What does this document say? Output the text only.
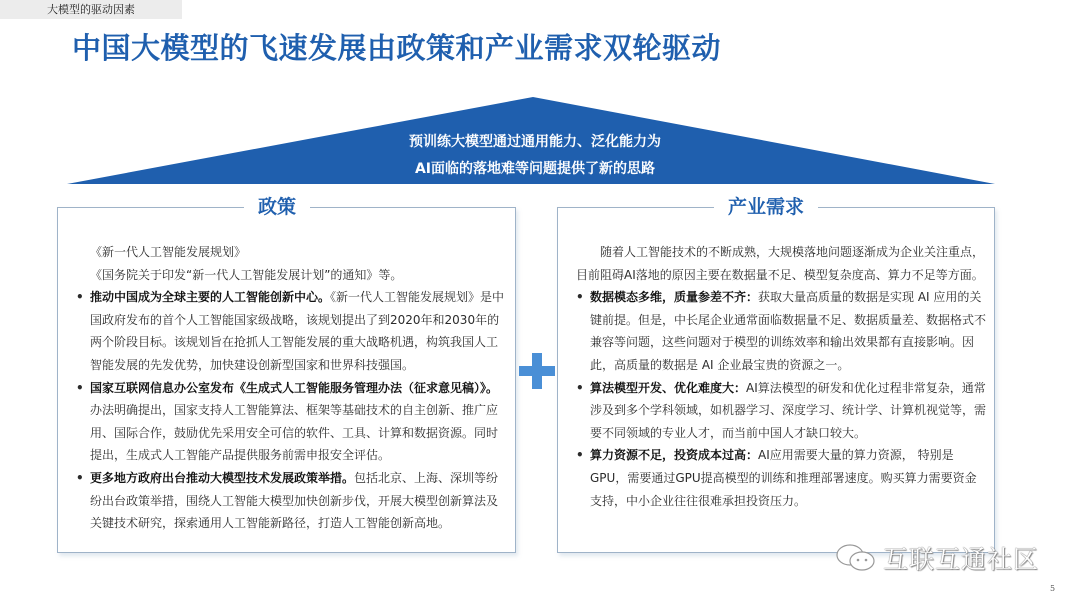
大模型的驱动因素
中国大模型的飞速发展由政策和产业需求双轮驱动
预训练大模型通过通用能力、泛化能力为
AI面临的落地难等问题提供了新的思路
政策
《新一代人工智能发展规划》
《国务院关于印发“新一代人工智能发展计划”的通知》等。
• 推动中国成为全球主要的人工智能创新中心。《新一代人工智能发展规划》是中国政府发布的首个人工智能国家级战略，该规划提出了到2020年和2030年的两个阶段目标。该规划旨在抢抓人工智能发展的重大战略机遇，构筑我国人工智能发展的先发优势，加快建设创新型国家和世界科技强国。
• 国家互联网信息办公室发布《生成式人工智能服务管理办法（征求意见稿）》。办法明确提出，国家支持人工智能算法、框架等基础技术的自主创新、推广应用、国际合作，鼓励优先采用安全可信的软件、工具、计算和数据资源。同时提出，生成式人工智能产品提供服务前需申报安全评估。
• 更多地方政府出台推动大模型技术发展政策举措。包括北京、上海、深圳等纷纷出台政策举措，围绕人工智能大模型加快创新步伐，开展大模型创新算法及关键技术研究，探索通用人工智能新路径，打造人工智能创新高地。
产业需求
随着人工智能技术的不断成熟，大规模落地问题逐渐成为企业关注重点，目前阻碍AI落地的原因主要在数据量不足、模型复杂度高、算力不足等方面。
• 数据模态多维，质量参差不齐：获取大量高质量的数据是实现 AI 应用的关键前提。但是，中长尾企业通常面临数据量不足、数据质量差、数据格式不兼容等问题，这些问题对于模型的训练效率和输出效果都有直接影响。因此，高质量的数据是 AI 企业最宝贵的资源之一。
• 算法模型开发、优化难度大：AI算法模型的研发和优化过程非常复杂，通常涉及到多个学科领域，如机器学习、深度学习、统计学、计算机视觉等，需要不同领域的专业人才，而当前中国人才缺口较大。
• 算力资源不足，投资成本过高：AI应用需要大量的算力资源， 特别是GPU，需要通过GPU提高模型的训练和推理部署速度。购买算力需要资金支持，中小企业往往很难承担投资压力。
互联互通社区
5
